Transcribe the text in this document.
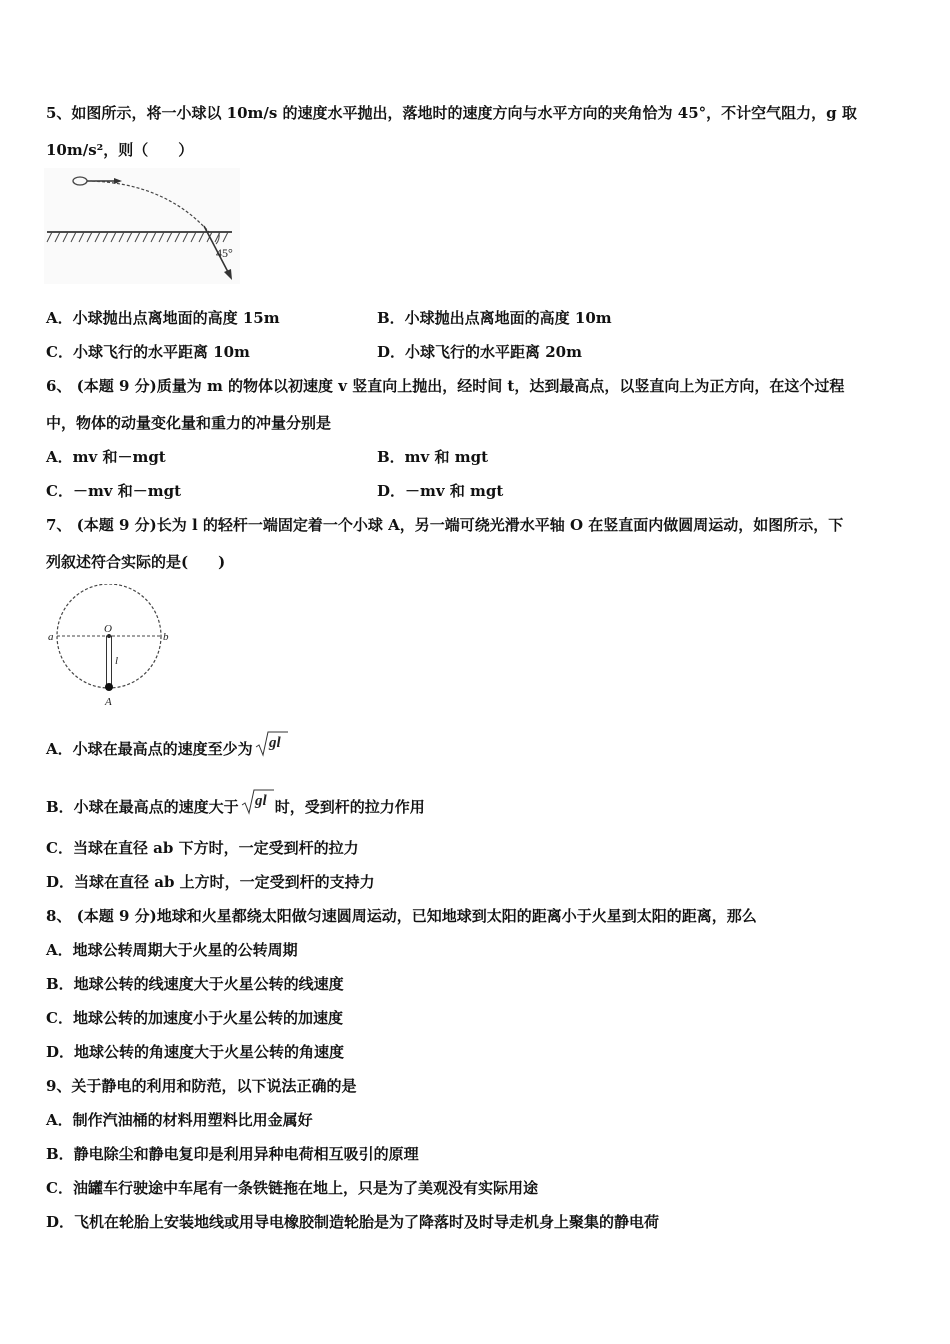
5、如图所示，将一小球以 10m/s 的速度水平抛出，落地时的速度方向与水平方向的夹角恰为 45°，不计空气阻力，g 取
10m/s²，则（　　）
45°
A．小球抛出点离地面的高度 15m	B．小球抛出点离地面的高度 10m
C．小球飞行的水平距离 10m	D．小球飞行的水平距离 20m
6、 (本题 9 分)质量为 m 的物体以初速度 v 竖直向上抛出，经时间 t，达到最高点，以竖直向上为正方向，在这个过程
中，物体的动量变化量和重力的冲量分别是
A．mv 和－mgt	B．mv 和 mgt
C．－mv 和－mgt	D．－mv 和 mgt
7、 (本题 9 分)长为 l 的轻杆一端固定着一个小球 A，另一端可绕光滑水平轴 O 在竖直面内做圆周运动，如图所示，下
列叙述符合实际的是(　　)
a	b
O
l
A
A．小球在最高点的速度至少为 gl
B．小球在最高点的速度大于 gl 时，受到杆的拉力作用
C．当球在直径 ab 下方时，一定受到杆的拉力
D．当球在直径 ab 上方时，一定受到杆的支持力
8、 (本题 9 分)地球和火星都绕太阳做匀速圆周运动，已知地球到太阳的距离小于火星到太阳的距离，那么
A．地球公转周期大于火星的公转周期
B．地球公转的线速度大于火星公转的线速度
C．地球公转的加速度小于火星公转的加速度
D．地球公转的角速度大于火星公转的角速度
9、关于静电的利用和防范，以下说法正确的是
A．制作汽油桶的材料用塑料比用金属好
B．静电除尘和静电复印是利用异种电荷相互吸引的原理
C．油罐车行驶途中车尾有一条铁链拖在地上，只是为了美观没有实际用途
D．飞机在轮胎上安装地线或用导电橡胶制造轮胎是为了降落时及时导走机身上聚集的静电荷
